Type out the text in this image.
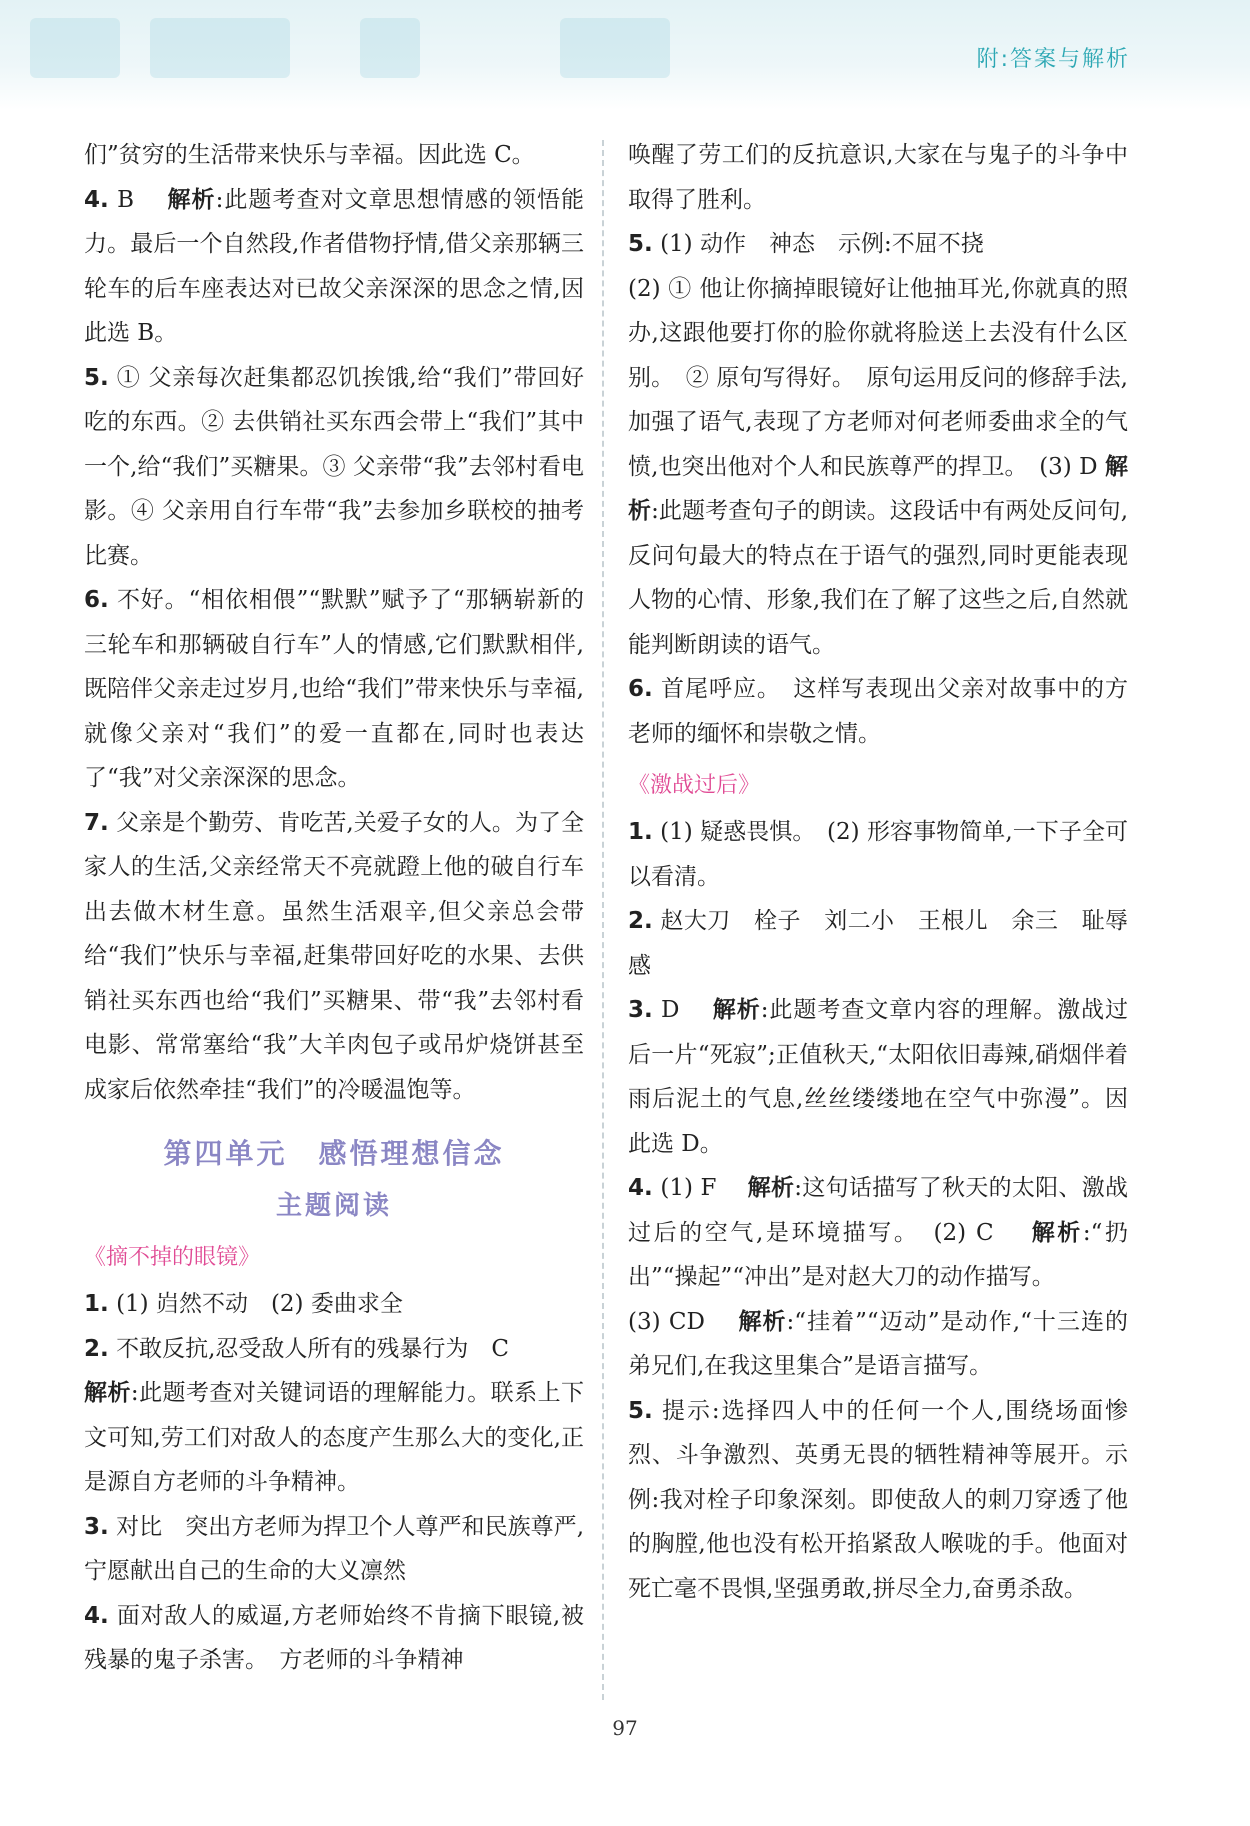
附:答案与解析

们”贫穷的生活带来快乐与幸福。因此选 C。

4. B　 解析:此题考查对文章思想情感的领悟能力。最后一个自然段,作者借物抒情,借父亲那辆三轮车的后车座表达对已故父亲深深的思念之情,因此选 B。

5. ① 父亲每次赶集都忍饥挨饿,给“我们”带回好吃的东西。② 去供销社买东西会带上“我们”其中一个,给“我们”买糖果。③ 父亲带“我”去邻村看电影。④ 父亲用自行车带“我”去参加乡联校的抽考比赛。

6. 不好。“相依相偎”“默默”赋予了“那辆崭新的三轮车和那辆破自行车”人的情感,它们默默相伴,既陪伴父亲走过岁月,也给“我们”带来快乐与幸福,就像父亲对“我们”的爱一直都在,同时也表达了“我”对父亲深深的思念。

7. 父亲是个勤劳、肯吃苦,关爱子女的人。为了全家人的生活,父亲经常天不亮就蹬上他的破自行车出去做木材生意。虽然生活艰辛,但父亲总会带给“我们”快乐与幸福,赶集带回好吃的水果、去供销社买东西也给“我们”买糖果、带“我”去邻村看电影、常常塞给“我”大羊肉包子或吊炉烧饼甚至成家后依然牵挂“我们”的冷暖温饱等。

第四单元　感悟理想信念
主题阅读
《摘不掉的眼镜》

1. (1) 岿然不动　(2) 委曲求全

2. 不敢反抗,忍受敌人所有的残暴行为　C
解析:此题考查对关键词语的理解能力。联系上下文可知,劳工们对敌人的态度产生那么大的变化,正是源自方老师的斗争精神。

3. 对比　突出方老师为捍卫个人尊严和民族尊严,宁愿献出自己的生命的大义凛然

4. 面对敌人的威逼,方老师始终不肯摘下眼镜,被残暴的鬼子杀害。　方老师的斗争精神

唤醒了劳工们的反抗意识,大家在与鬼子的斗争中取得了胜利。

5. (1) 动作　神态　示例:不屈不挠

(2) ① 他让你摘掉眼镜好让他抽耳光,你就真的照办,这跟他要打你的脸你就将脸送上去没有什么区别。　② 原句写得好。　原句运用反问的修辞手法,加强了语气,表现了方老师对何老师委曲求全的气愤,也突出他对个人和民族尊严的捍卫。　(3) D 解析:此题考查句子的朗读。这段话中有两处反问句,反问句最大的特点在于语气的强烈,同时更能表现人物的心情、形象,我们在了解了这些之后,自然就能判断朗读的语气。

6. 首尾呼应。　这样写表现出父亲对故事中的方老师的缅怀和崇敬之情。

《激战过后》

1. (1) 疑惑畏惧。　(2) 形容事物简单,一下子全可以看清。

2. 赵大刀　栓子　刘二小　王根儿　余三　耻辱感

3. D　 解析:此题考查文章内容的理解。激战过后一片“死寂”;正值秋天,“太阳依旧毒辣,硝烟伴着雨后泥土的气息,丝丝缕缕地在空气中弥漫”。因此选 D。

4. (1) F　 解析:这句话描写了秋天的太阳、激战过后的空气,是环境描写。　(2) C　 解析:“扔出”“操起”“冲出”是对赵大刀的动作描写。
(3) CD　 解析:“挂着”“迈动”是动作,“十三连的弟兄们,在我这里集合”是语言描写。

5. 提示:选择四人中的任何一个人,围绕场面惨烈、斗争激烈、英勇无畏的牺牲精神等展开。示例:我对栓子印象深刻。即使敌人的刺刀穿透了他的胸膛,他也没有松开掐紧敌人喉咙的手。他面对死亡毫不畏惧,坚强勇敢,拼尽全力,奋勇杀敌。

97
